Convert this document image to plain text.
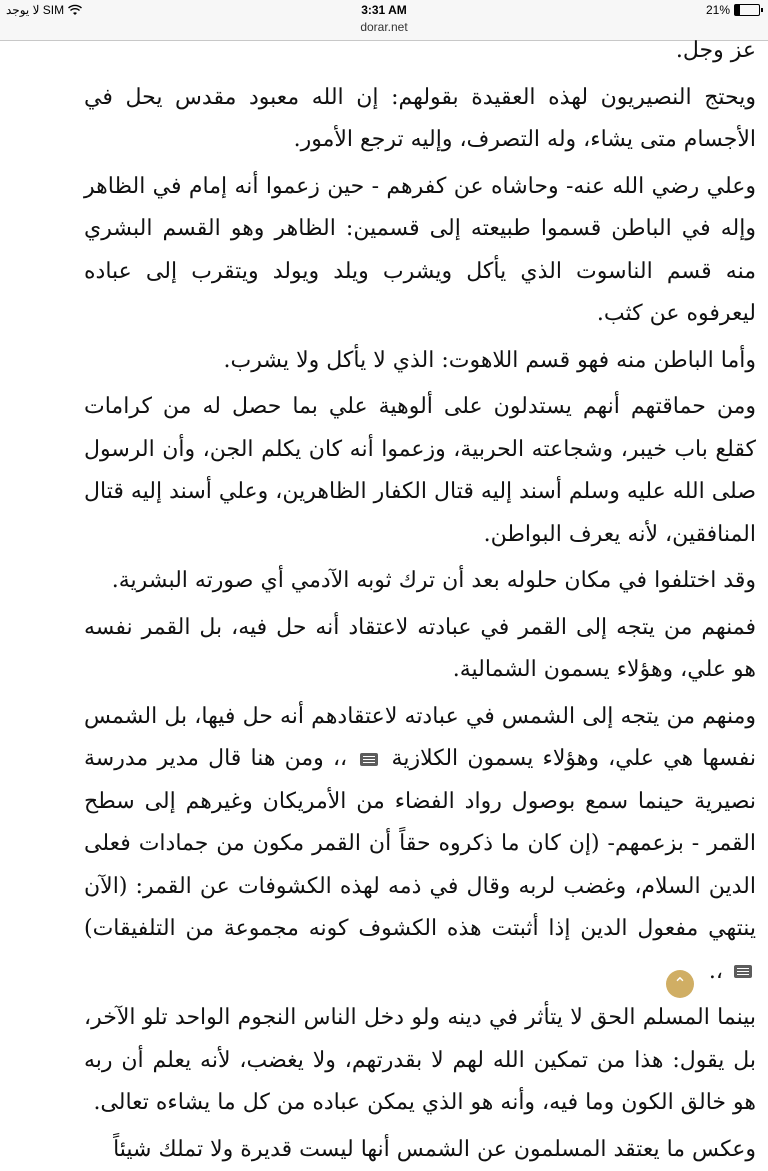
لا يوجد SIM	3:31 AM	21%
dorar.net

عز وجل.

ويحتج النصيريون لهذه العقيدة بقولهم: إن الله معبود مقدس يحل في الأجسام متى يشاء، وله التصرف، وإليه ترجع الأمور.

وعلي رضي الله عنه- وحاشاه عن كفرهم - حين زعموا أنه إمام في الظاهر وإله في الباطن قسموا طبيعته إلى قسمين: الظاهر وهو القسم البشري منه قسم الناسوت الذي يأكل ويشرب ويلد ويولد ويتقرب إلى عباده ليعرفوه عن كثب.

وأما الباطن منه فهو قسم اللاهوت: الذي لا يأكل ولا يشرب.

ومن حماقتهم أنهم يستدلون على ألوهية علي بما حصل له من كرامات كقلع باب خيبر، وشجاعته الحربية، وزعموا أنه كان يكلم الجن، وأن الرسول صلى الله عليه وسلم أسند إليه قتال الكفار الظاهرين، وعلي أسند إليه قتال المنافقين، لأنه يعرف البواطن.

وقد اختلفوا في مكان حلوله بعد أن ترك ثوبه الآدمي أي صورته البشرية.

فمنهم من يتجه إلى القمر في عبادته لاعتقاد أنه حل فيه، بل القمر نفسه هو علي، وهؤلاء يسمون الشمالية.

ومنهم من يتجه إلى الشمس في عبادته لاعتقادهم أنه حل فيها، بل الشمس نفسها هي علي، وهؤلاء يسمون الكلازية  ،، ومن هنا قال مدير مدرسة نصيرية حينما سمع بوصول رواد الفضاء من الأمريكان وغيرهم إلى سطح القمر - بزعمهم- (إن كان ما ذكروه حقاً أن القمر مكون من جمادات فعلى الدين السلام، وغضب لربه وقال في ذمه لهذه الكشوفات عن القمر: (الآن ينتهي مفعول الدين إذا أثبتت هذه الكشوف كونه مجموعة من التلفيقات)  ،.

بينما المسلم الحق لا يتأثر في دينه ولو دخل الناس النجوم الواحد تلو الآخر، بل يقول: هذا من تمكين الله لهم لا بقدرتهم، ولا يغضب، لأنه يعلم أن ربه هو خالق الكون وما فيه، وأنه هو الذي يمكن عباده من كل ما يشاءه تعالى.

وعكس ما يعتقد المسلمون عن الشمس أنها ليست قديرة ولا تملك شيئاً

⌃
